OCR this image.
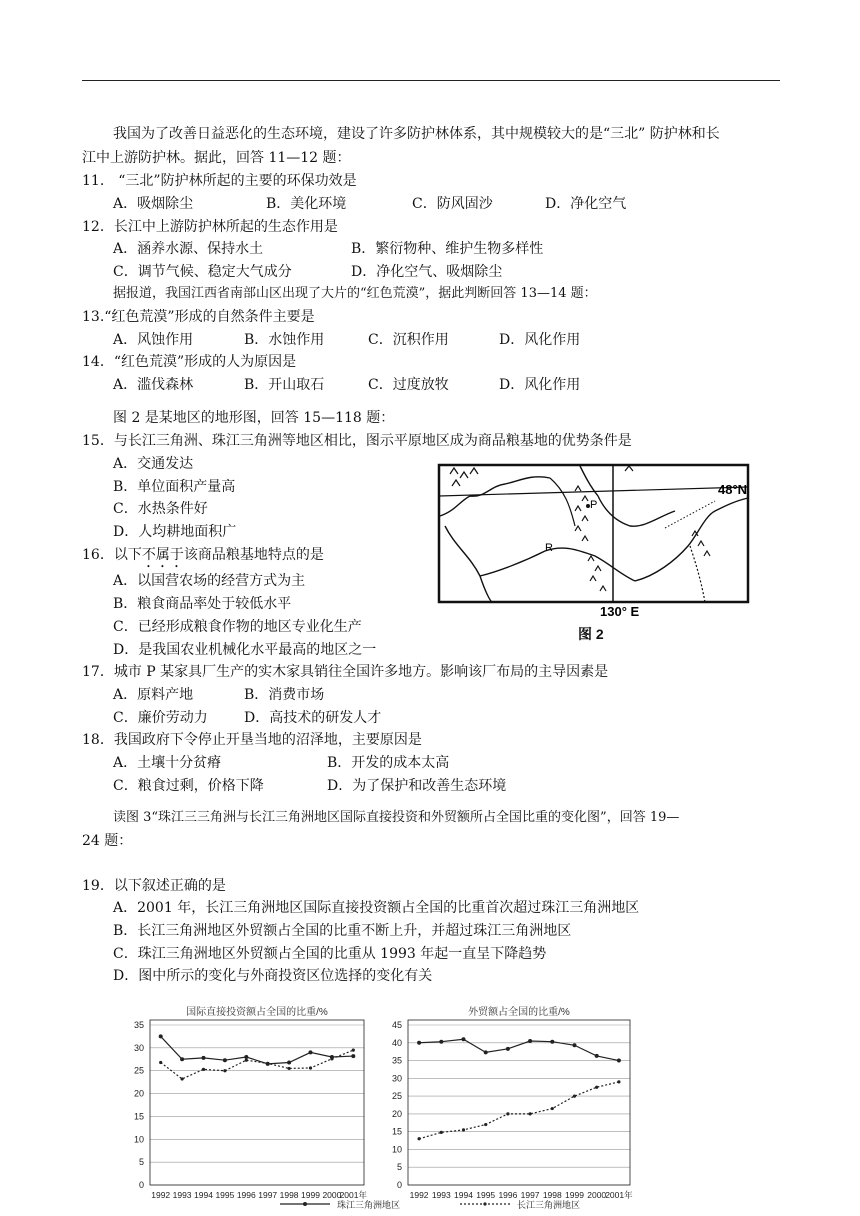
我国为了改善日益恶化的生态环境，建设了许多防护林体系，其中规模较大的是“三北” 防护林和长
江中上游防护林。据此，回答 11—12 题：
11.　“三北”防护林所起的主要的环保功效是
A．吸烟除尘	B．美化环境	C．防风固沙	D．净化空气
12．长江中上游防护林所起的生态作用是
A．涵养水源、保持水土	B．繁衍物种、维护生物多样性
C．调节气候、稳定大气成分	D．净化空气、吸烟除尘
据报道，我国江西省南部山区出现了大片的“红色荒漠”，据此判断回答 13—14 题：
13.“红色荒漠”形成的自然条件主要是
A．风蚀作用	B．水蚀作用	C．沉积作用	D．风化作用
14．“红色荒漠”形成的人为原因是
A．滥伐森林	B．开山取石	C．过度放牧	D．风化作用
图 2 是某地区的地形图，回答 15—118 题：
15．与长江三角洲、珠江三角洲等地区相比，图示平原地区成为商品粮基地的优势条件是
A．交通发达
B．单位面积产量高
C．水热条件好
D．人均耕地面积广
16．以下不属于该商品粮基地特点的是
A．以国营农场的经营方式为主
B．粮食商品率处于较低水平
C．已经形成粮食作物的地区专业化生产
D．是我国农业机械化水平最高的地区之一
P
R
48°N
130° E
图 2
17．城市 P 某家具厂生产的实木家具销往全国许多地方。影响该厂布局的主导因素是
A．原料产地	B．消费市场
C．廉价劳动力	D．高技术的研发人才
18．我国政府下令停止开垦当地的沼泽地，主要原因是
A．土壤十分贫瘠	B．开发的成本太高
C．粮食过剩，价格下降	D．为了保护和改善生态环境
读图 3“珠江三三角洲与长江三角洲地区国际直接投资和外贸额所占全国比重的变化图”，回答 19—
24 题：
19．以下叙述正确的是
A．2001 年，长江三角洲地区国际直接投资额占全国的比重首次超过珠江三角洲地区
B．长江三角洲地区外贸额占全国的比重不断上升，并超过珠江三角洲地区
C．珠江三角洲地区外贸额占全国的比重从 1993 年起一直呈下降趋势
D．图中所示的变化与外商投资区位选择的变化有关
国际直接投资额占全国的比重/%
0
5
10
15
20
25
30
35
1992 1993 1994 1995 1996 1997 1998 1999 2000
2001年
外贸额占全国的比重/%
0
5
10
15
20
25
30
35
40
45
1992 1993 1994 1995 1996 1997 1998 1999 2000 2001年
珠江三角洲地区	长江三角洲地区
